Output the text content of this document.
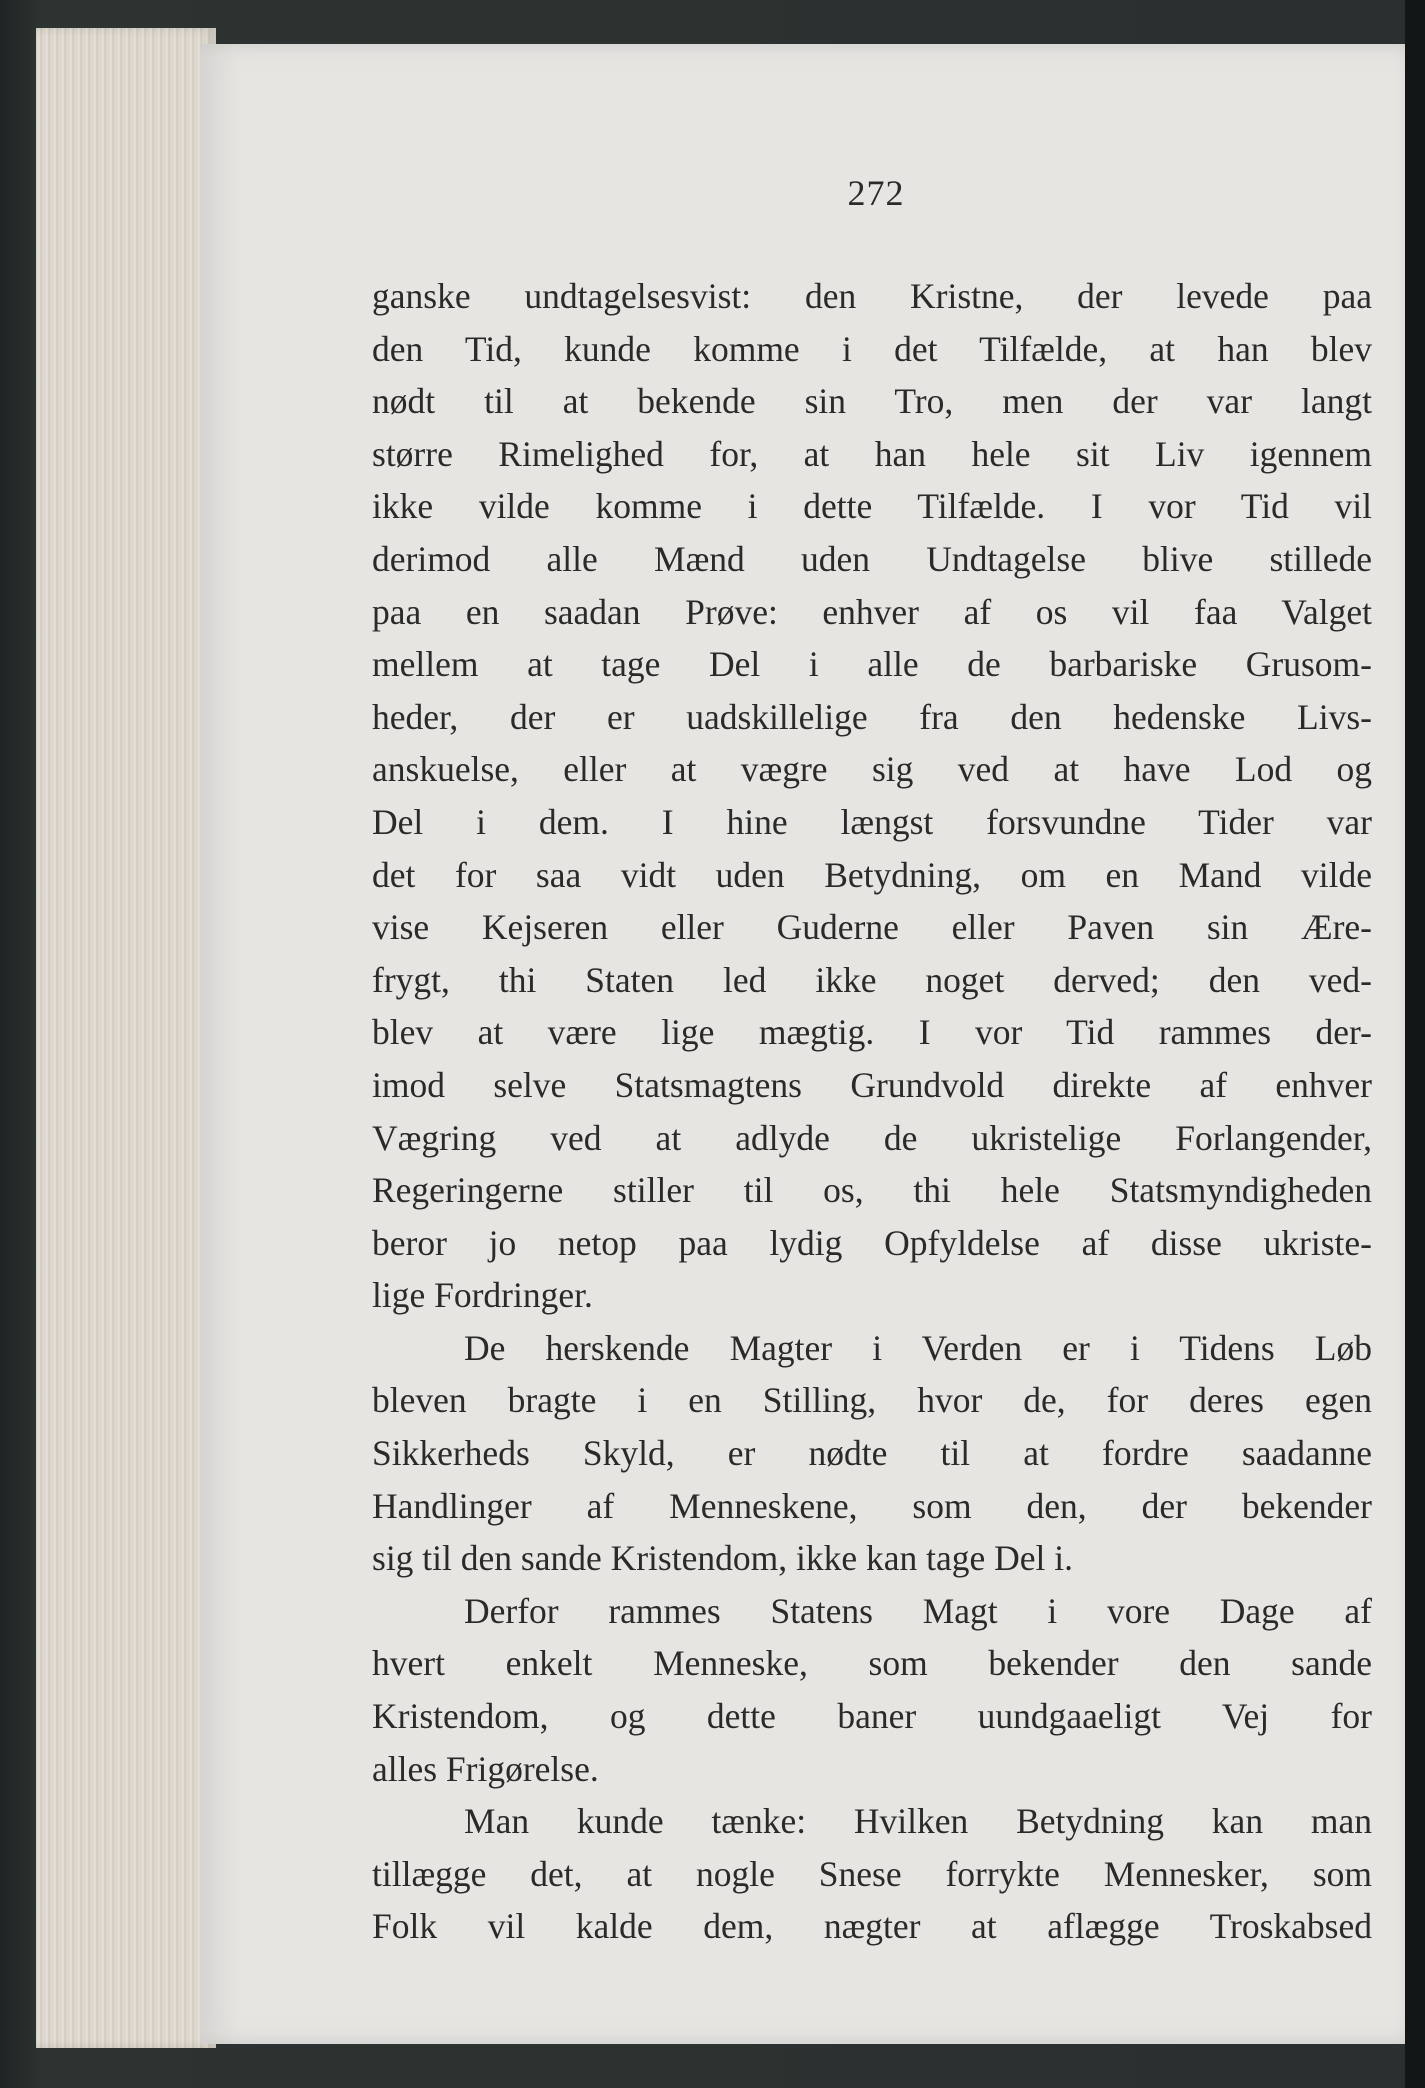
272
ganske undtagelsesvist: den Kristne, der levede paa
den Tid, kunde komme i det Tilfælde, at han blev
nødt til at bekende sin Tro, men der var langt
større Rimelighed for, at han hele sit Liv igennem
ikke vilde komme i dette Tilfælde. I vor Tid vil
derimod alle Mænd uden Undtagelse blive stillede
paa en saadan Prøve: enhver af os vil faa Valget
mellem at tage Del i alle de barbariske Grusom-
heder, der er uadskillelige fra den hedenske Livs-
anskuelse, eller at vægre sig ved at have Lod og
Del i dem. I hine længst forsvundne Tider var
det for saa vidt uden Betydning, om en Mand vilde
vise Kejseren eller Guderne eller Paven sin Ære-
frygt, thi Staten led ikke noget derved; den ved-
blev at være lige mægtig. I vor Tid rammes der-
imod selve Statsmagtens Grundvold direkte af enhver
Vægring ved at adlyde de ukristelige Forlangender,
Regeringerne stiller til os, thi hele Statsmyndigheden
beror jo netop paa lydig Opfyldelse af disse ukriste-
lige Fordringer.
De herskende Magter i Verden er i Tidens Løb
bleven bragte i en Stilling, hvor de, for deres egen
Sikkerheds Skyld, er nødte til at fordre saadanne
Handlinger af Menneskene, som den, der bekender
sig til den sande Kristendom, ikke kan tage Del i.
Derfor rammes Statens Magt i vore Dage af
hvert enkelt Menneske, som bekender den sande
Kristendom, og dette baner uundgaaeligt Vej for
alles Frigørelse.
Man kunde tænke: Hvilken Betydning kan man
tillægge det, at nogle Snese forrykte Mennesker, som
Folk vil kalde dem, nægter at aflægge Troskabsed
